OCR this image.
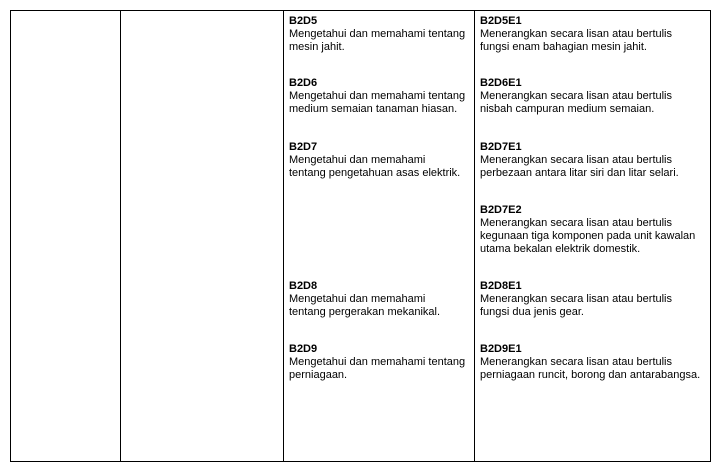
B2D5
Mengetahui dan memahami tentang
mesin jahit.
B2D6
Mengetahui dan memahami tentang
medium semaian tanaman hiasan.
B2D7
Mengetahui dan memahami
tentang pengetahuan asas elektrik.
B2D8
Mengetahui dan memahami
tentang pergerakan mekanikal.
B2D9
Mengetahui dan memahami tentang
perniagaan.
B2D5E1
Menerangkan secara lisan atau bertulis
fungsi enam bahagian mesin jahit.
B2D6E1
Menerangkan secara lisan atau bertulis
nisbah campuran medium semaian.
B2D7E1
Menerangkan secara lisan atau bertulis
perbezaan antara litar siri dan litar selari.
B2D7E2
Menerangkan secara lisan atau bertulis
kegunaan tiga komponen pada unit kawalan
utama bekalan elektrik domestik.
B2D8E1
Menerangkan secara lisan atau bertulis
fungsi dua jenis gear.
B2D9E1
Menerangkan secara lisan atau bertulis
perniagaan runcit, borong dan antarabangsa.
